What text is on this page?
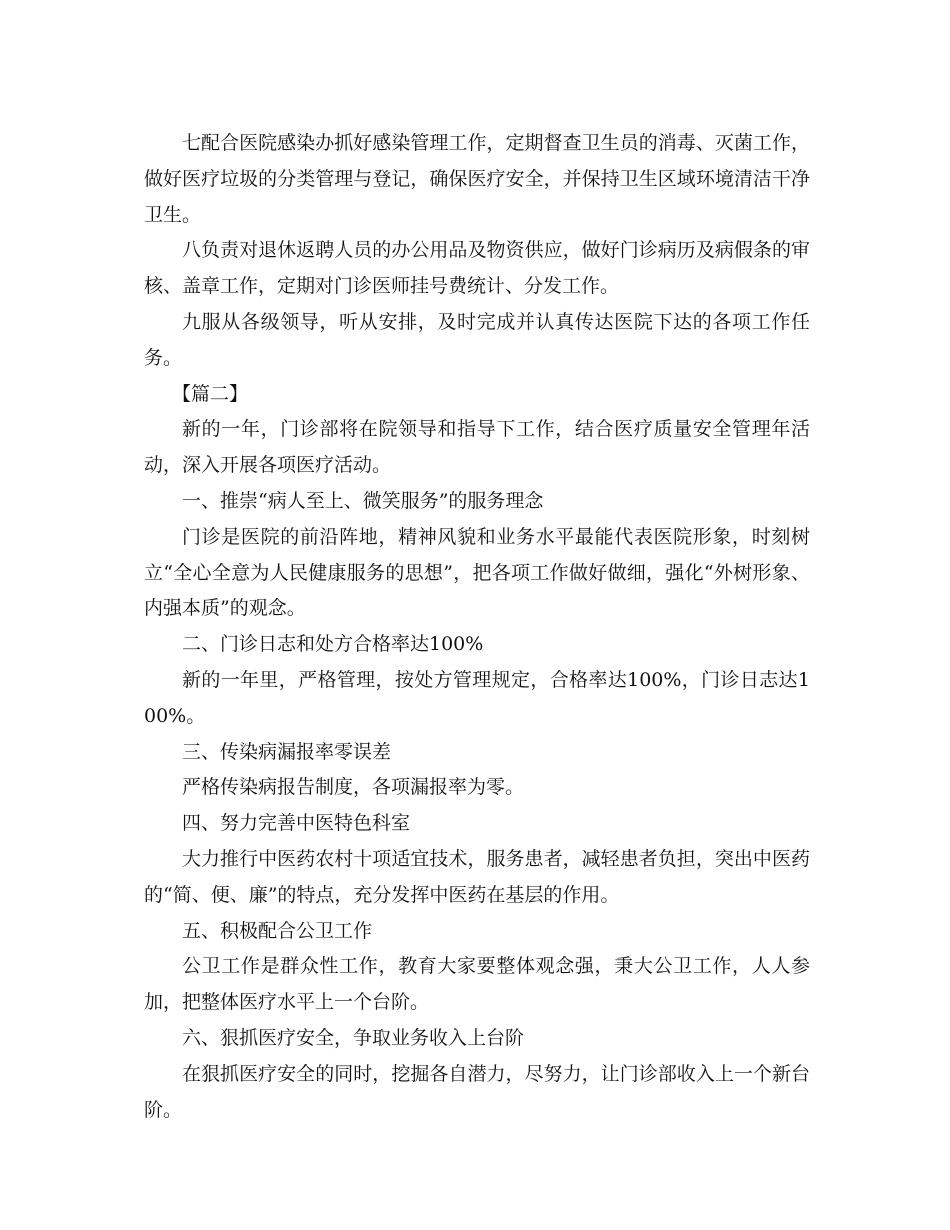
七配合医院感染办抓好感染管理工作，定期督查卫生员的消毒、灭菌工作，做好医疗垃圾的分类管理与登记，确保医疗安全，并保持卫生区域环境清洁干净卫生。

八负责对退休返聘人员的办公用品及物资供应，做好门诊病历及病假条的审核、盖章工作，定期对门诊医师挂号费统计、分发工作。

九服从各级领导，听从安排，及时完成并认真传达医院下达的各项工作任务。

【篇二】

新的一年，门诊部将在院领导和指导下工作，结合医疗质量安全管理年活动，深入开展各项医疗活动。

一、推崇“病人至上、微笑服务”的服务理念

门诊是医院的前沿阵地，精神风貌和业务水平最能代表医院形象，时刻树立“全心全意为人民健康服务的思想”，把各项工作做好做细，强化“外树形象、内强本质”的观念。

二、门诊日志和处方合格率达100%

新的一年里，严格管理，按处方管理规定，合格率达100%，门诊日志达100%。

三、传染病漏报率零误差

严格传染病报告制度，各项漏报率为零。

四、努力完善中医特色科室

大力推行中医药农村十项适宜技术，服务患者，减轻患者负担，突出中医药的“简、便、廉”的特点，充分发挥中医药在基层的作用。

五、积极配合公卫工作

公卫工作是群众性工作，教育大家要整体观念强，秉大公卫工作，人人参加，把整体医疗水平上一个台阶。

六、狠抓医疗安全，争取业务收入上台阶

在狠抓医疗安全的同时，挖掘各自潜力，尽努力，让门诊部收入上一个新台阶。
